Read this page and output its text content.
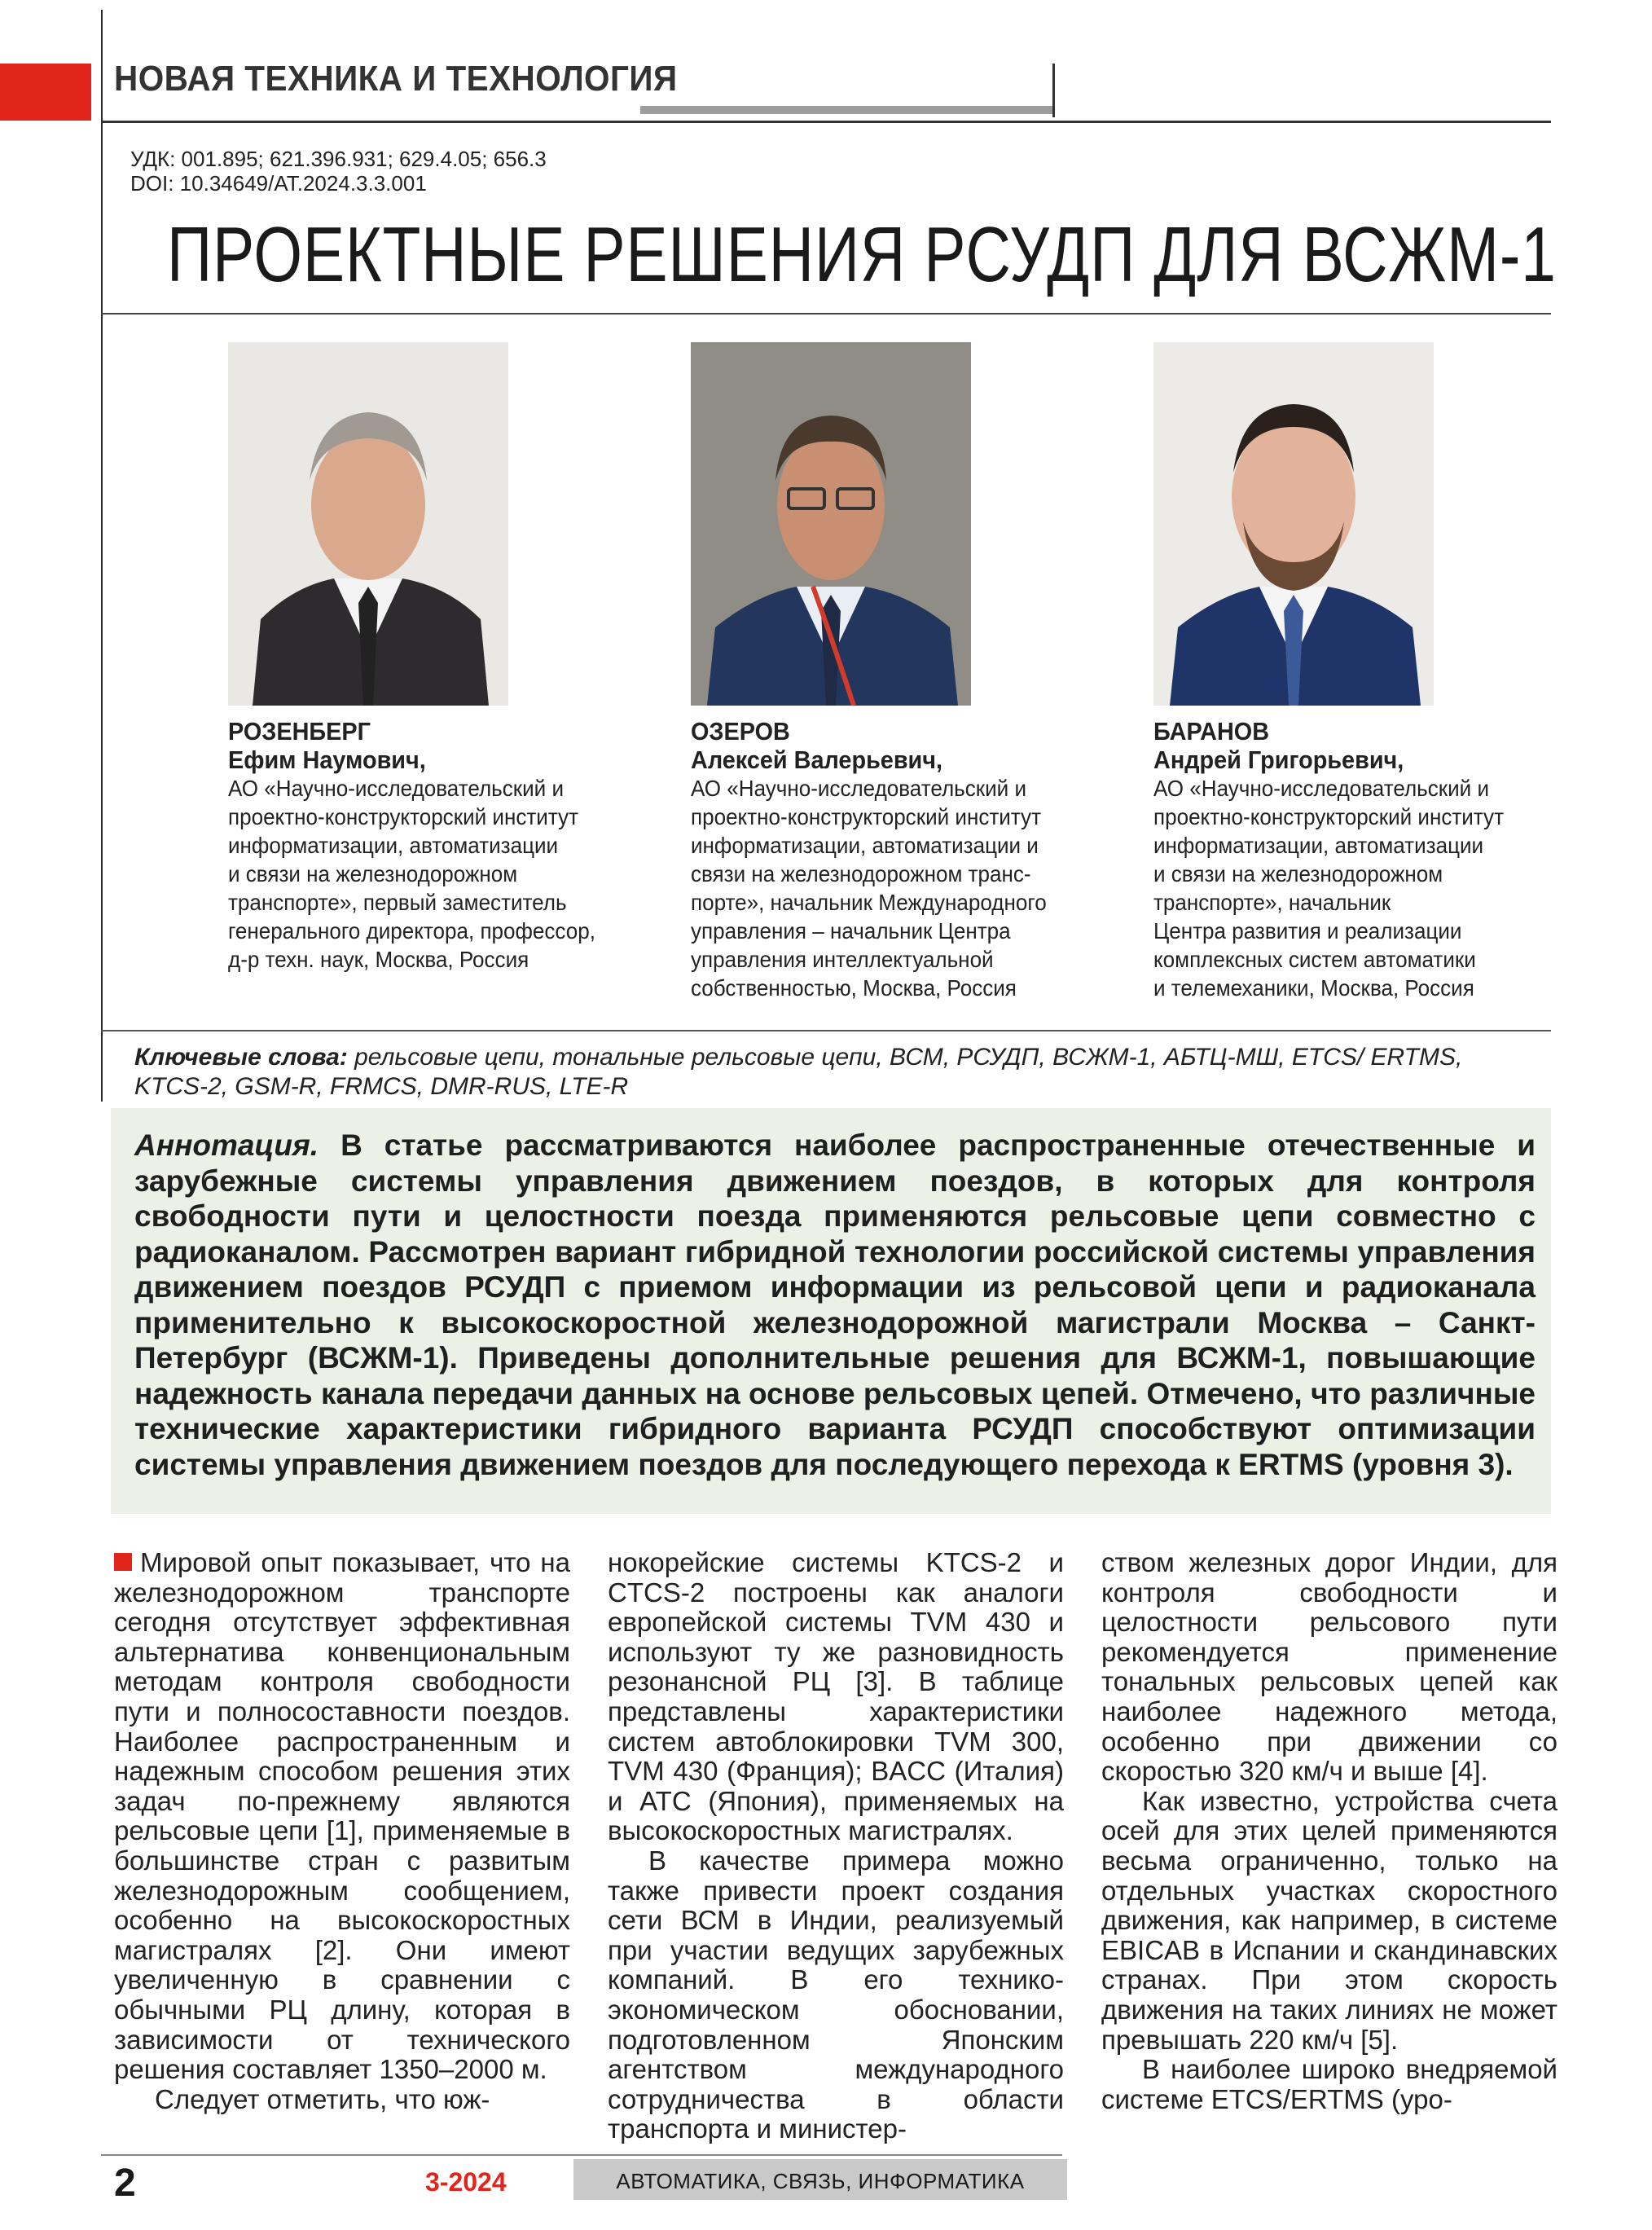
НОВАЯ ТЕХНИКА И ТЕХНОЛОГИЯ
УДК: 001.895; 621.396.931; 629.4.05; 656.3
DOI: 10.34649/AT.2024.3.3.001
ПРОЕКТНЫЕ РЕШЕНИЯ РСУДП ДЛЯ ВСЖМ-1
РОЗЕНБЕРГ
Ефим Наумович,
АО «Научно-исследовательский и
проектно-конструкторский институт
информатизации, автоматизации
и связи на железнодорожном
транспорте», первый заместитель
генерального директора, профессор,
д-р техн. наук, Москва, Россия
ОЗЕРОВ
Алексей Валерьевич,
АО «Научно-исследовательский и
проектно-конструкторский институт
информатизации, автоматизации и
связи на железнодорожном транс-
порте», начальник Международного
управления – начальник Центра
управления интеллектуальной
собственностью, Москва, Россия
БАРАНОВ
Андрей Григорьевич,
АО «Научно-исследовательский и
проектно-конструкторский институт
информатизации, автоматизации
и связи на железнодорожном
транспорте», начальник
Центра развития и реализации
комплексных систем автоматики
и телемеханики, Москва, Россия
Ключевые слова: рельсовые цепи, тональные рельсовые цепи, ВСМ, РСУДП, ВСЖМ-1, АБТЦ-МШ, ETCS/ ERTMS, KTCS-2, GSM-R, FRMCS, DMR-RUS, LTE-R
Аннотация. В статье рассматриваются наиболее распространенные отечественные и зарубежные системы управления движением поездов, в которых для контроля свободности пути и целостности поезда применяются рельсовые цепи совместно с радиоканалом. Рассмотрен вариант гибридной технологии российской системы управления движением поездов РСУДП с приемом информации из рельсовой цепи и радиоканала применительно к высокоскоростной железнодорожной магистрали Москва – Санкт-Петербург (ВСЖМ-1). Приведены дополнительные решения для ВСЖМ-1, повышающие надежность канала передачи данных на основе рельсовых цепей. Отмечено, что различные технические характеристики гибридного варианта РСУДП способствуют оптимизации системы управления движением поездов для последующего перехода к ERTMS (уровня 3).

Мировой опыт показывает, что на железнодорожном транспорте сегодня отсутствует эффективная альтернатива конвенциональным методам контроля свободности пути и полносоставности поездов. Наиболее распространенным и надежным способом решения этих задач по-прежнему являются рельсовые цепи [1], применяемые в большинстве стран с развитым железнодорожным сообщением, особенно на высокоскоростных магистралях [2]. Они имеют увеличенную в сравнении с обычными РЦ длину, которая в зависимости от технического решения составляет 1350–2000 м.

Следует отметить, что юж-

нокорейские системы KTCS-2 и CTCS-2 построены как аналоги европейской системы TVM 430 и используют ту же разновидность резонансной РЦ [3]. В таблице представлены характеристики систем автоблокировки TVM 300, TVM 430 (Франция); BACC (Италия) и ATC (Япония), применяемых на высокоскоростных магистралях.

В качестве примера можно также привести проект создания сети ВСМ в Индии, реализуемый при участии ведущих зарубежных компаний. В его технико-экономическом обосновании, подготовленном Японским агентством международного сотрудничества в области транспорта и министер-

ством железных дорог Индии, для контроля свободности и целостности рельсового пути рекомендуется применение тональных рельсовых цепей как наиболее надежного метода, особенно при движении со скоростью 320 км/ч и выше [4].

Как известно, устройства счета осей для этих целей применяются весьма ограниченно, только на отдельных участках скоростного движения, как например, в системе EBICAB в Испании и скандинавских странах. При этом скорость движения на таких линиях не может превышать 220 км/ч [5].

В наиболее широко внедряемой системе ETCS/ERTMS (уро-

2	3-2024	АВТОМАТИКА, СВЯЗЬ, ИНФОРМАТИКА
